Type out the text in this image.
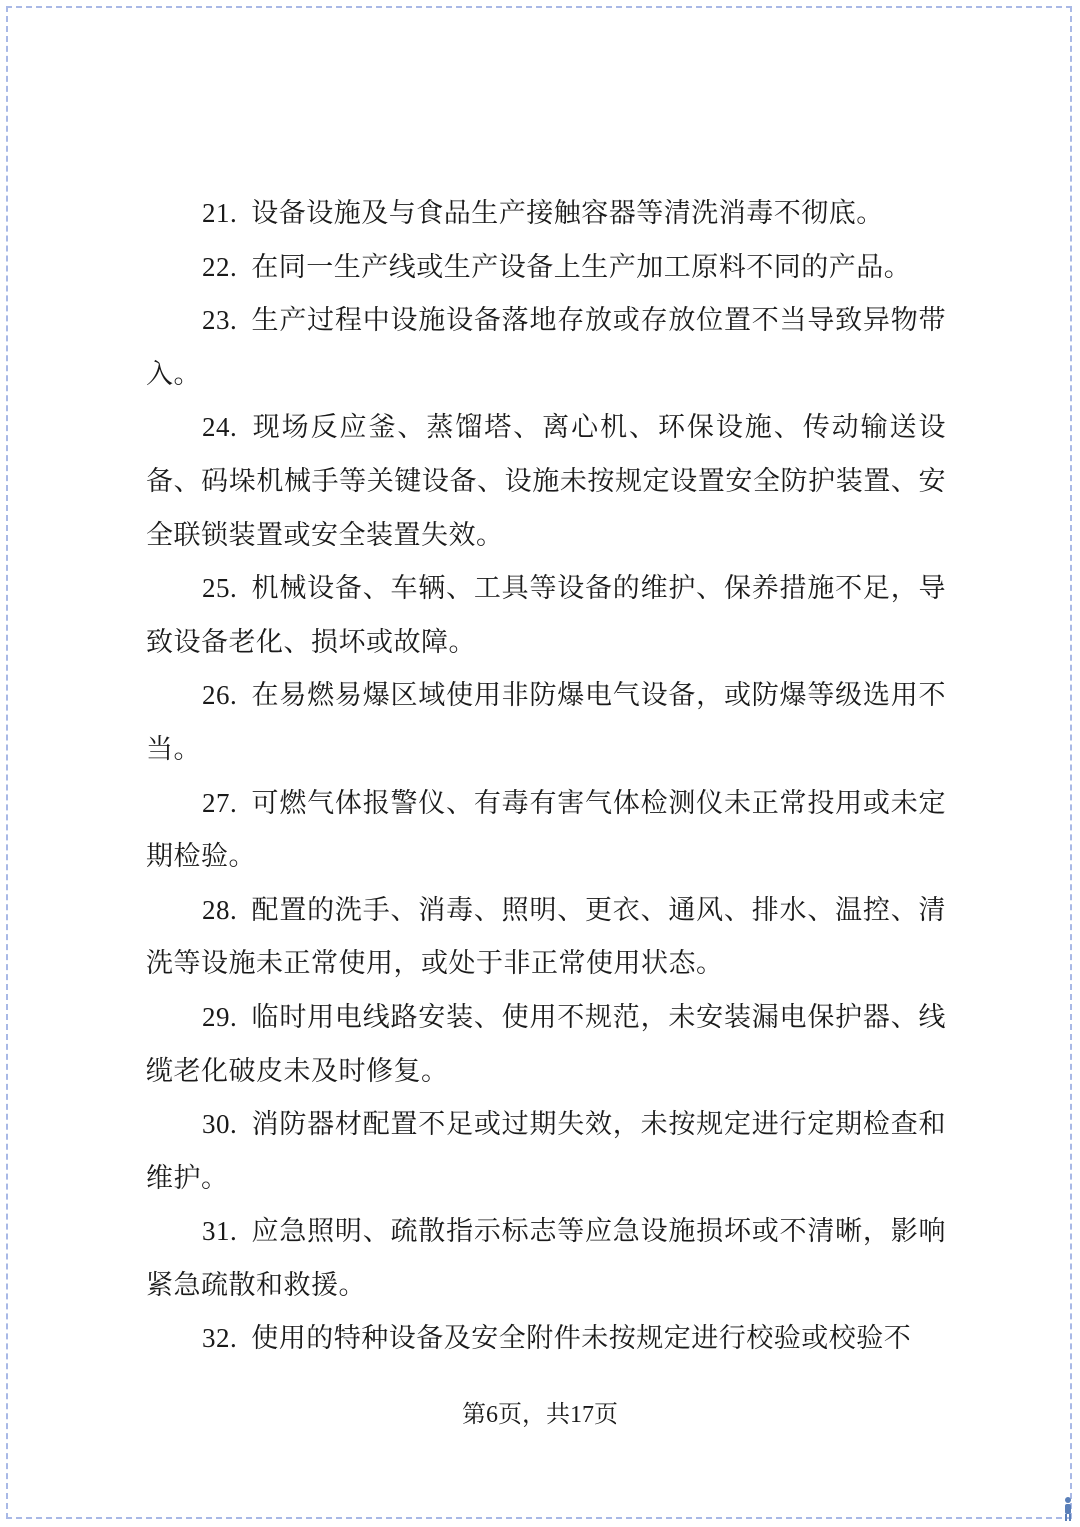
21. 设备设施及与食品生产接触容器等清洗消毒不彻底。

22. 在同一生产线或生产设备上生产加工原料不同的产品。

23. 生产过程中设施设备落地存放或存放位置不当导致异物带入。

24. 现场反应釜、蒸馏塔、离心机、环保设施、传动输送设备、码垛机械手等关键设备、设施未按规定设置安全防护装置、安全联锁装置或安全装置失效。

25. 机械设备、车辆、工具等设备的维护、保养措施不足，导致设备老化、损坏或故障。

26. 在易燃易爆区域使用非防爆电气设备，或防爆等级选用不当。

27. 可燃气体报警仪、有毒有害气体检测仪未正常投用或未定期检验。

28. 配置的洗手、消毒、照明、更衣、通风、排水、温控、清洗等设施未正常使用，或处于非正常使用状态。

29. 临时用电线路安装、使用不规范，未安装漏电保护器、线缆老化破皮未及时修复。

30. 消防器材配置不足或过期失效，未按规定进行定期检查和维护。

31. 应急照明、疏散指示标志等应急设施损坏或不清晰，影响紧急疏散和救援。

32. 使用的特种设备及安全附件未按规定进行校验或校验不

第6页，共17页
